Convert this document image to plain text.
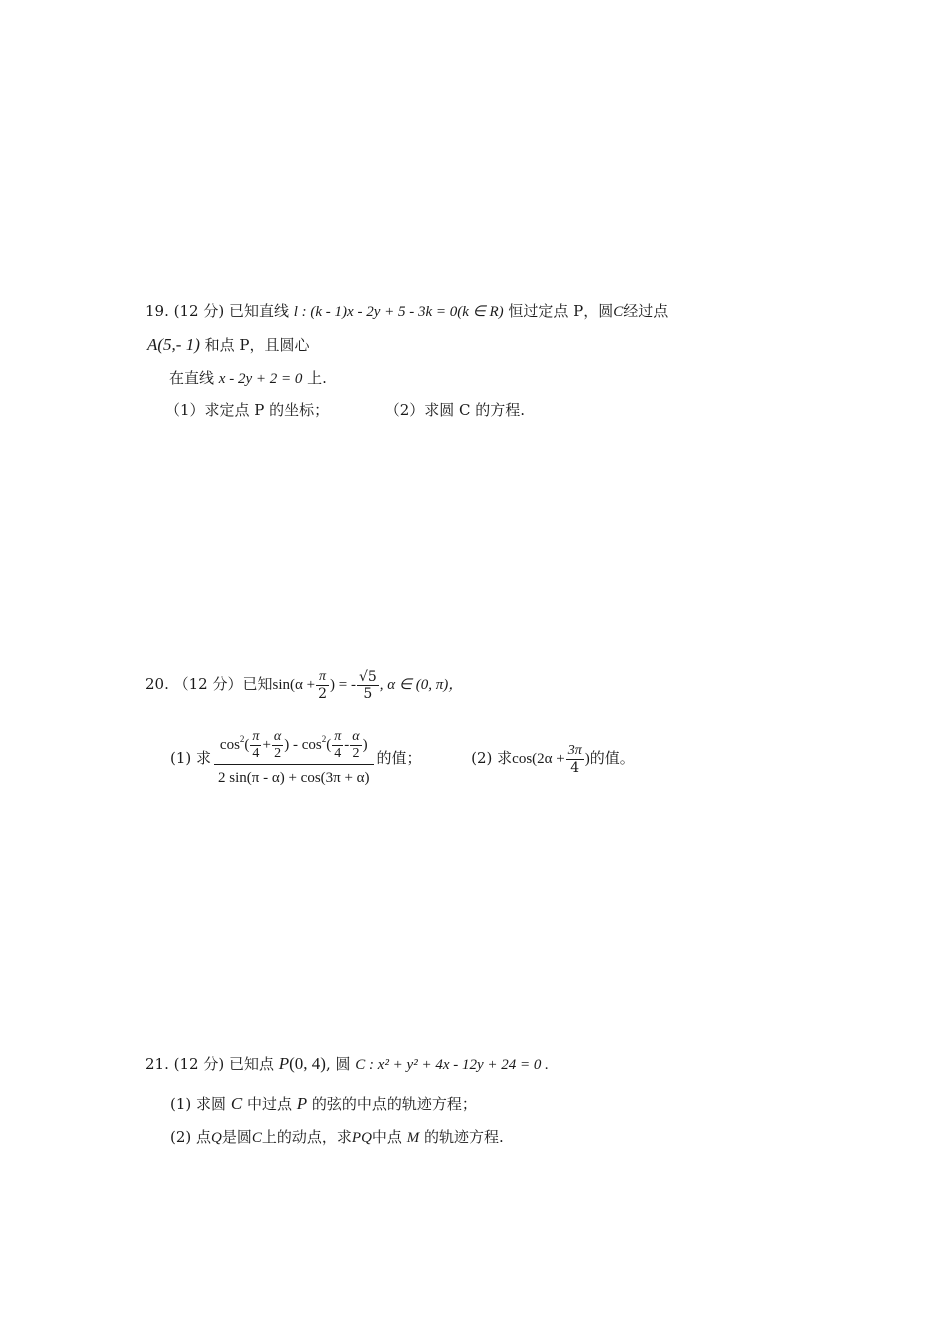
19. (12 分) 已知直线 l : (k - 1)x - 2y + 5 - 3k = 0(k ∈ R) 恒过定点 P，圆C经过点
A(5,- 1) 和点 P，且圆心
在直线 x - 2y + 2 = 0 上.
（1）求定点 P 的坐标；	（2）求圆 C 的方程.
20. （12 分）已知$\sin(\alpha + \frac{\pi}{2}$ ) = - $\frac{√5}{5}$ , α ∈ (0, π)，
(1) 求 $\frac{\cos^2( \frac{\pi}{4} + \frac{\alpha}{2} ) - \cos^2( \frac{\pi}{4} - \frac{\alpha}{2} )}{2 \sin(\pi - \alpha) + \cos(3\pi + \alpha)}$ 的值；	(2) 求$\cos(2\alpha + \frac{3\pi}{4}$ )的值。
21. (12 分) 已知点 P(0, 4), 圆 C : x² + y² + 4x - 12y + 24 = 0 .
(1) 求圆 C 中过点 P 的弦的中点的轨迹方程；
(2) 点Q是圆C上的动点，求PQ中点 M 的轨迹方程.
